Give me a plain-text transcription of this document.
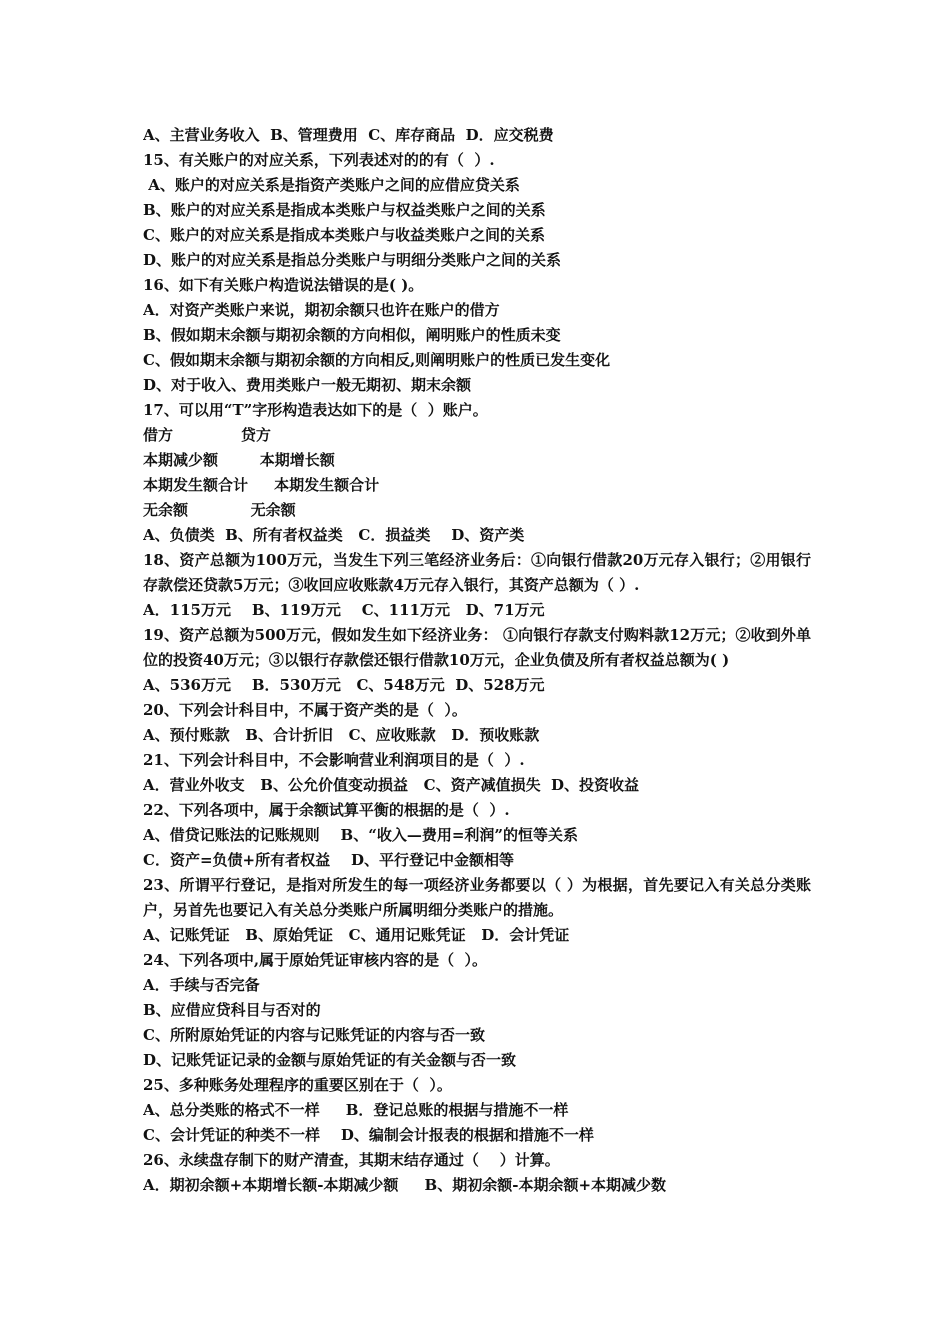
A、主营业务收入  B、管理费用  C、库存商品  D．应交税费
15、有关账户的对应关系，下列表述对的的有（  ）.
A、账户的对应关系是指资产类账户之间的应借应贷关系
B、账户的对应关系是指成本类账户与权益类账户之间的关系
C、账户的对应关系是指成本类账户与收益类账户之间的关系
D、账户的对应关系是指总分类账户与明细分类账户之间的关系
16、如下有关账户构造说法错误的是( )。
A．对资产类账户来说，期初余额只也许在账户的借方
B、假如期末余额与期初余额的方向相似，阐明账户的性质未变
C、假如期末余额与期初余额的方向相反,则阐明账户的性质已发生变化
D、对于收入、费用类账户一般无期初、期末余额
17、可以用“T”字形构造表达如下的是（  ）账户。
借方             贷方
本期减少额        本期增长额
本期发生额合计     本期发生额合计
无余额            无余额
A、负债类  B、所有者权益类   C．损益类    D、资产类
18、资产总额为100万元，当发生下列三笔经济业务后：①向银行借款20万元存入银行；②用银行存款偿还贷款5万元；③收回应收账款4万元存入银行，其资产总额为（ ）.
A．115万元    B、119万元    C、111万元   D、71万元
19、资产总额为500万元，假如发生如下经济业务： ①向银行存款支付购料款12万元；②收到外单位的投资40万元；③以银行存款偿还银行借款10万元，企业负债及所有者权益总额为( )
A、536万元    B．530万元   C、548万元  D、528万元
20、下列会计科目中，不属于资产类的是（  ）。
A、预付账款   B、合计折旧   C、应收账款   D．预收账款
21、下列会计科目中，不会影响营业利润项目的是（  ）.
A．营业外收支   B、公允价值变动损益   C、资产减值损失  D、投资收益
22、下列各项中，属于余额试算平衡的根据的是（  ）.
A、借贷记账法的记账规则    B、“收入—费用=利润”的恒等关系
C．资产=负债+所有者权益    D、平行登记中金额相等
23、所谓平行登记，是指对所发生的每一项经济业务都要以（ ）为根据，首先要记入有关总分类账户，另首先也要记入有关总分类账户所属明细分类账户的措施。
A、记账凭证   B、原始凭证   C、通用记账凭证   D．会计凭证
24、下列各项中,属于原始凭证审核内容的是（  ）。
A．手续与否完备
B、应借应贷科目与否对的
C、所附原始凭证的内容与记账凭证的内容与否一致
D、记账凭证记录的金额与原始凭证的有关金额与否一致
25、多种账务处理程序的重要区别在于（  ）。
A、总分类账的格式不一样     B．登记总账的根据与措施不一样
C、会计凭证的种类不一样    D、编制会计报表的根据和措施不一样
26、永续盘存制下的财产清查，其期末结存通过（    ）计算。
A．期初余额+本期增长额-本期减少额     B、期初余额-本期余额+本期减少数
